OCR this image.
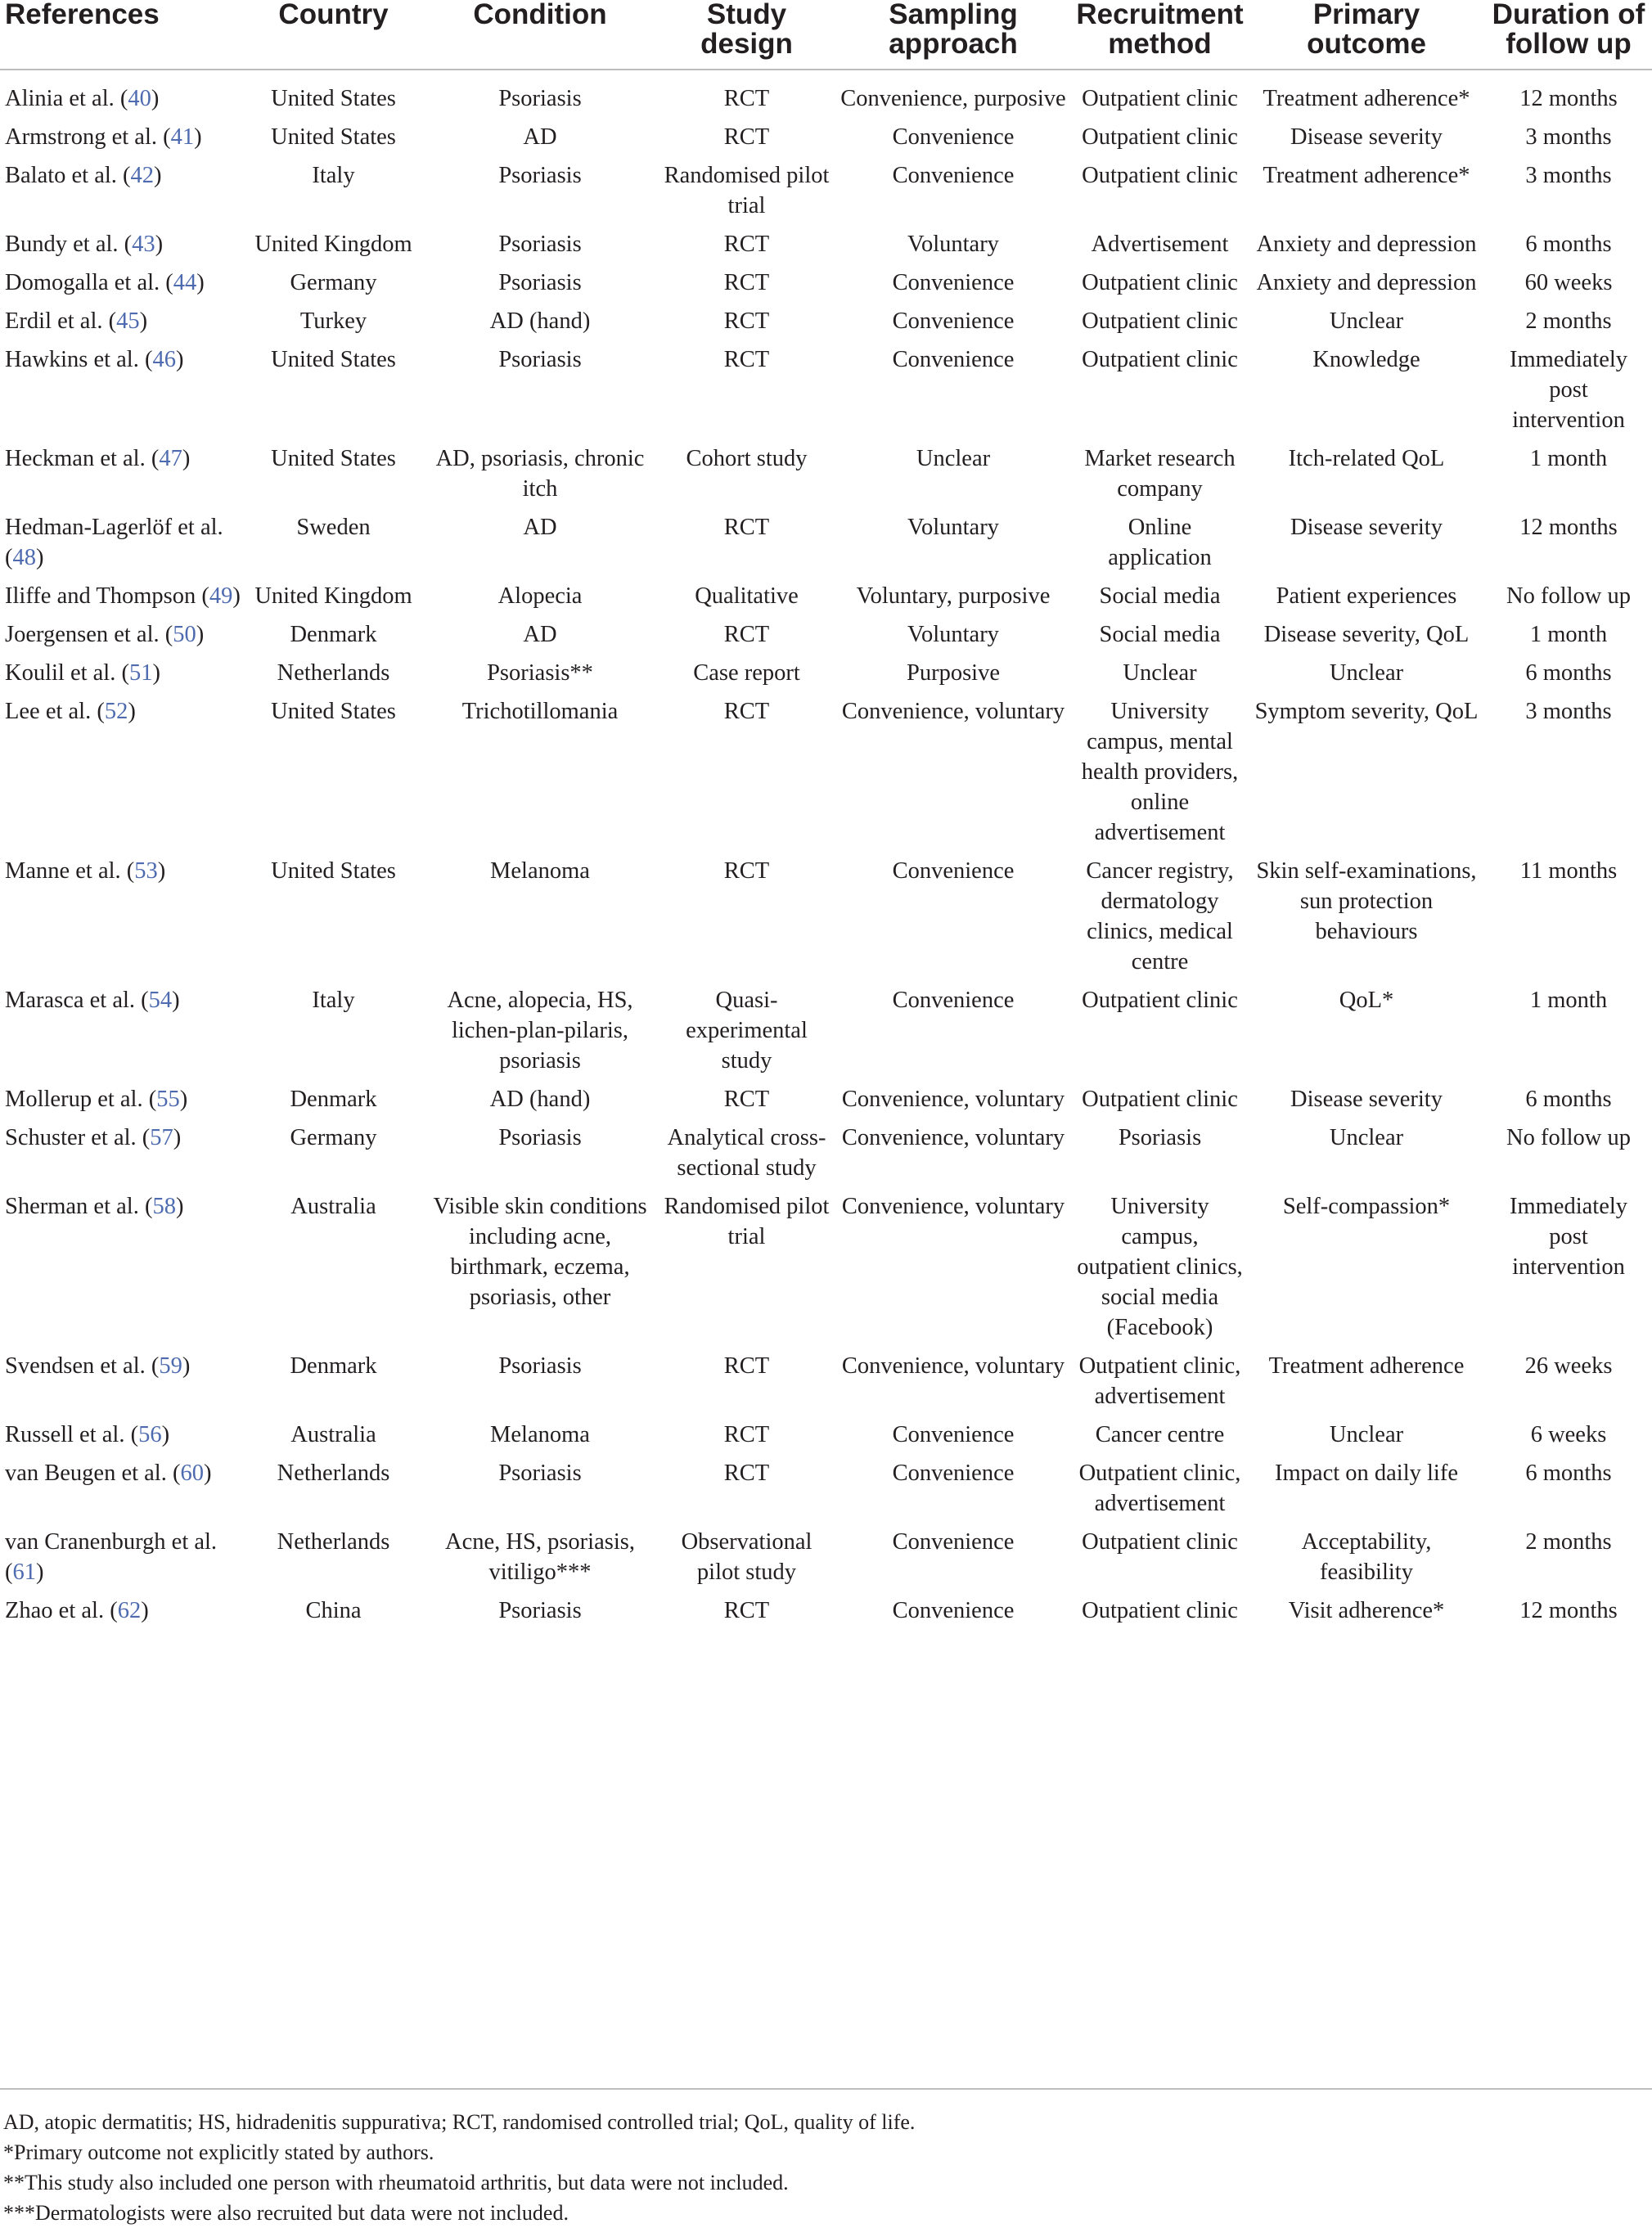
References	Country	Condition	Study design	Sampling approach	Recruitment method	Primary outcome	Duration of follow up
Alinia et al. (40)	United States	Psoriasis	RCT	Convenience, purposive	Outpatient clinic	Treatment adherence*	12 months
Armstrong et al. (41)	United States	AD	RCT	Convenience	Outpatient clinic	Disease severity	3 months
Balato et al. (42)	Italy	Psoriasis	Randomised pilot trial	Convenience	Outpatient clinic	Treatment adherence*	3 months
Bundy et al. (43)	United Kingdom	Psoriasis	RCT	Voluntary	Advertisement	Anxiety and depression	6 months
Domogalla et al. (44)	Germany	Psoriasis	RCT	Convenience	Outpatient clinic	Anxiety and depression	60 weeks
Erdil et al. (45)	Turkey	AD (hand)	RCT	Convenience	Outpatient clinic	Unclear	2 months
Hawkins et al. (46)	United States	Psoriasis	RCT	Convenience	Outpatient clinic	Knowledge	Immediately post intervention
Heckman et al. (47)	United States	AD, psoriasis, chronic itch	Cohort study	Unclear	Market research company	Itch-related QoL	1 month
Hedman-Lagerlöf et al. (48)	Sweden	AD	RCT	Voluntary	Online application	Disease severity	12 months
Iliffe and Thompson (49)	United Kingdom	Alopecia	Qualitative	Voluntary, purposive	Social media	Patient experiences	No follow up
Joergensen et al. (50)	Denmark	AD	RCT	Voluntary	Social media	Disease severity, QoL	1 month
Koulil et al. (51)	Netherlands	Psoriasis**	Case report	Purposive	Unclear	Unclear	6 months
Lee et al. (52)	United States	Trichotillomania	RCT	Convenience, voluntary	University campus, mental health providers, online advertisement	Symptom severity, QoL	3 months
Manne et al. (53)	United States	Melanoma	RCT	Convenience	Cancer registry, dermatology clinics, medical centre	Skin self-examinations, sun protection behaviours	11 months
Marasca et al. (54)	Italy	Acne, alopecia, HS, lichen-plan-pilaris, psoriasis	Quasi-experimental study	Convenience	Outpatient clinic	QoL*	1 month
Mollerup et al. (55)	Denmark	AD (hand)	RCT	Convenience, voluntary	Outpatient clinic	Disease severity	6 months
Schuster et al. (57)	Germany	Psoriasis	Analytical cross-sectional study	Convenience, voluntary	Psoriasis	Unclear	No follow up
Sherman et al. (58)	Australia	Visible skin conditions including acne, birthmark, eczema, psoriasis, other	Randomised pilot trial	Convenience, voluntary	University campus, outpatient clinics, social media (Facebook)	Self-compassion*	Immediately post intervention
Svendsen et al. (59)	Denmark	Psoriasis	RCT	Convenience, voluntary	Outpatient clinic, advertisement	Treatment adherence	26 weeks
Russell et al. (56)	Australia	Melanoma	RCT	Convenience	Cancer centre	Unclear	6 weeks
van Beugen et al. (60)	Netherlands	Psoriasis	RCT	Convenience	Outpatient clinic, advertisement	Impact on daily life	6 months
van Cranenburgh et al. (61)	Netherlands	Acne, HS, psoriasis, vitiligo***	Observational pilot study	Convenience	Outpatient clinic	Acceptability, feasibility	2 months
Zhao et al. (62)	China	Psoriasis	RCT	Convenience	Outpatient clinic	Visit adherence*	12 months

AD, atopic dermatitis; HS, hidradenitis suppurativa; RCT, randomised controlled trial; QoL, quality of life.

*Primary outcome not explicitly stated by authors.

**This study also included one person with rheumatoid arthritis, but data were not included.

***Dermatologists were also recruited but data were not included.
